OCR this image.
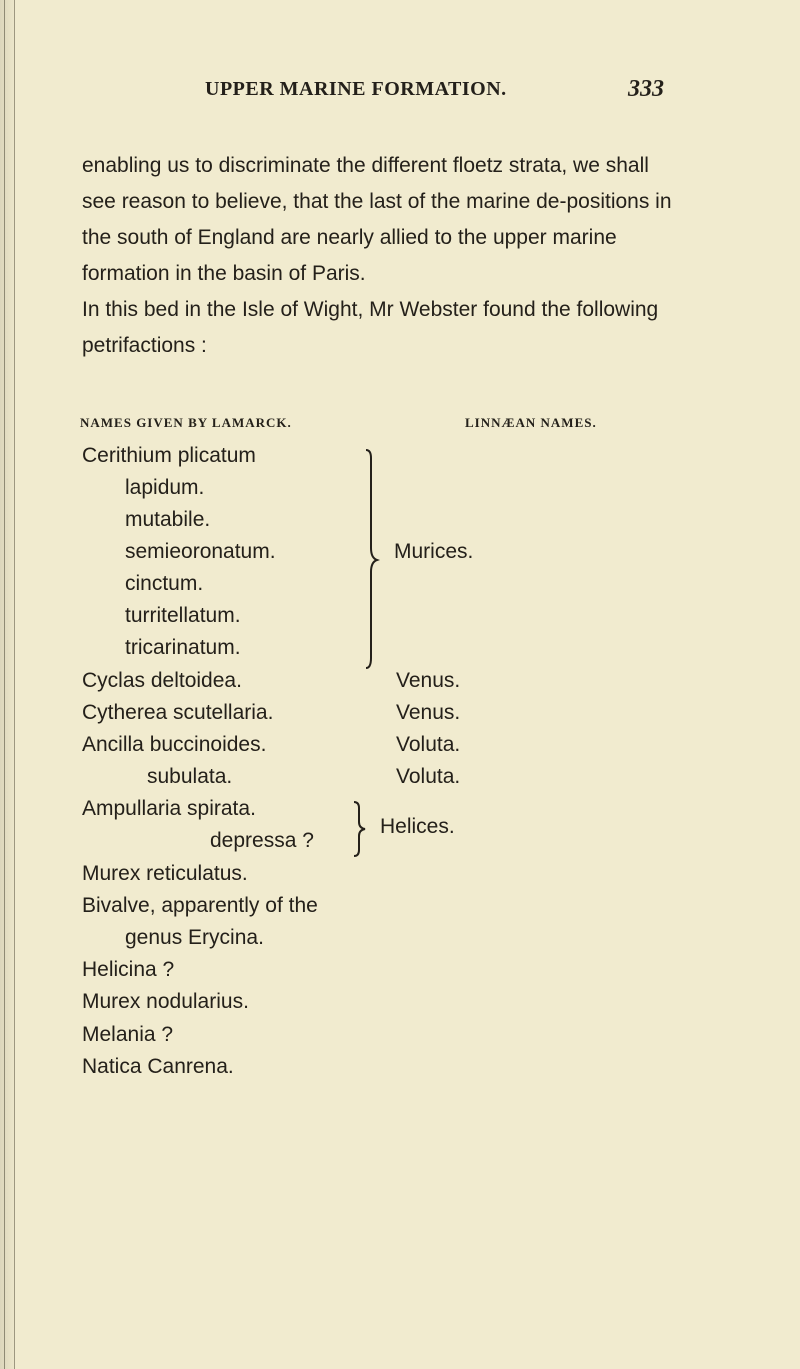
UPPER MARINE FORMATION.	333

enabling us to discriminate the different floetz strata, we shall see reason to believe, that the last of the marine de-positions in the south of England are nearly allied to the upper marine formation in the basin of Paris.

In this bed in the Isle of Wight, Mr Webster found the following petrifactions :

NAMES GIVEN BY LAMARCK.	LINNÆAN NAMES.
Cerithium plicatum
lapidum.
mutabile.
semieoronatum.
cinctum.
turritellatum.
tricarinatum.
Cyclas deltoidea.
Cytherea scutellaria.
Ancilla buccinoides.
subulata.
Ampullaria spirata.
depressa ?
Murex reticulatus.
Bivalve, apparently of the
genus Erycina.
Helicina ?
Murex nodularius.
Melania ?
Natica Canrena.
Murices.
Venus.
Venus.
Voluta.
Voluta.
Helices.
